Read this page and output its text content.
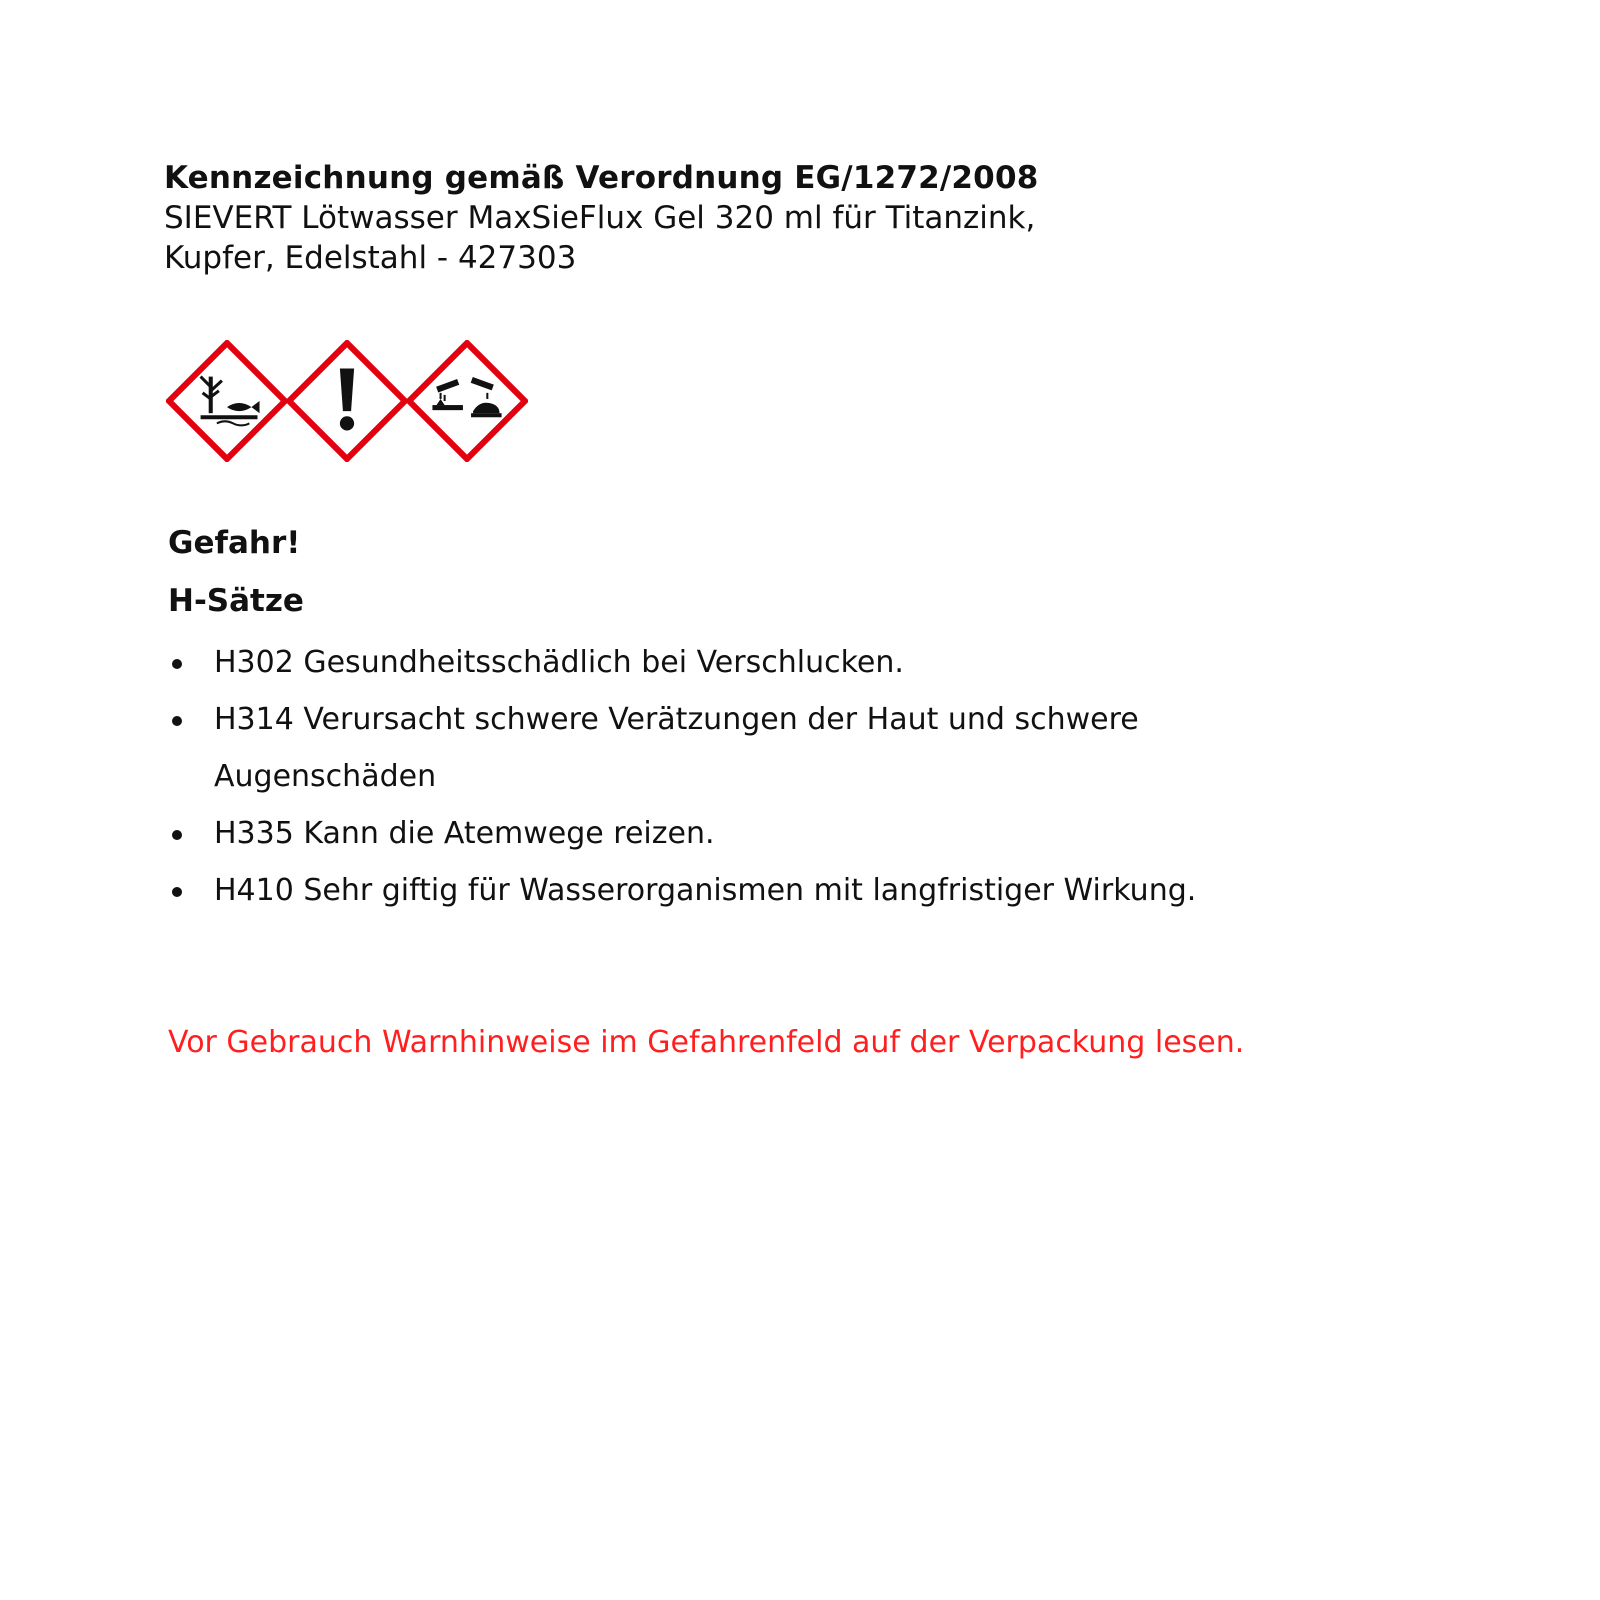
Kennzeichnung gemäß Verordnung EG/1272/2008

SIEVERT Lötwasser MaxSieFlux Gel 320 ml für Titanzink,

Kupfer, Edelstahl - 427303

Gefahr!
H-Sätze
H302 Gesundheitsschädlich bei Verschlucken.
H314 Verursacht schwere Verätzungen der Haut und schwere Augenschäden
H335 Kann die Atemwege reizen.
H410 Sehr giftig für Wasserorganismen mit langfristiger Wirkung.
Vor Gebrauch Warnhinweise im Gefahrenfeld auf der Verpackung lesen.
